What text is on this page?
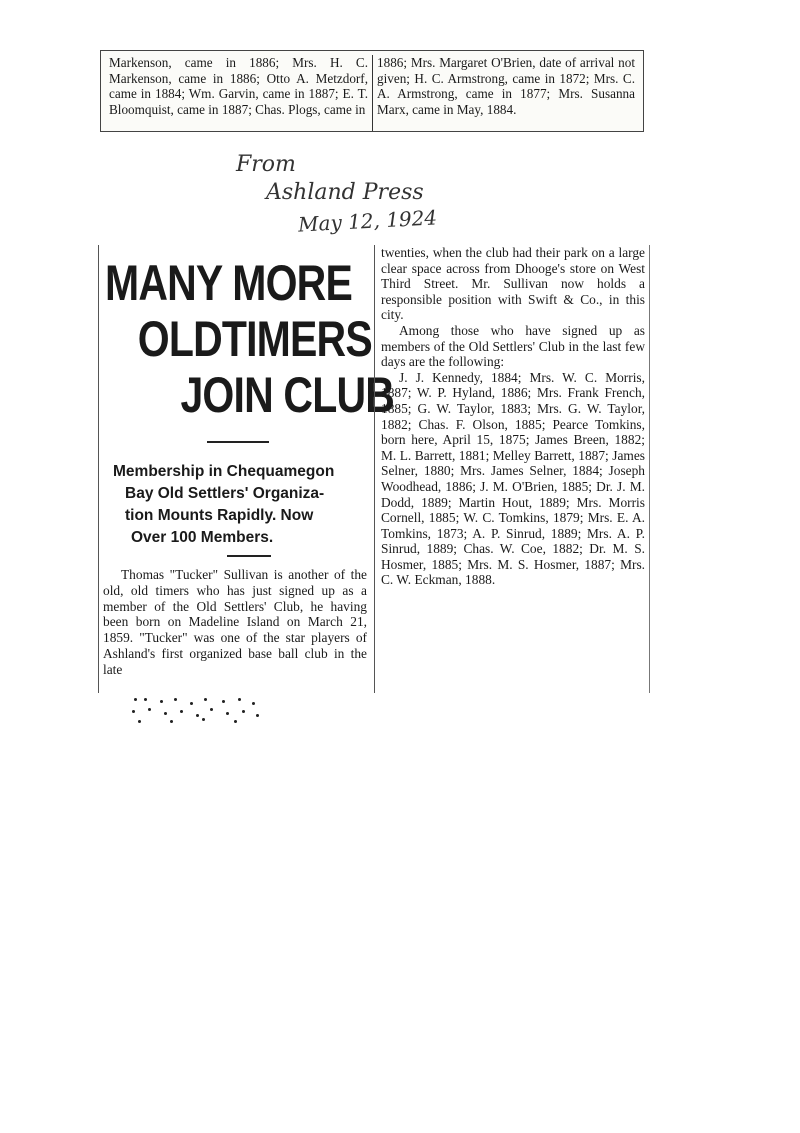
Markenson, came in 1886; Mrs. H. C. Markenson, came in 1886; Otto A. Metzdorf, came in 1884; Wm. Garvin, came in 1887; E. T. Bloomquist, came in 1887; Chas. Plogs, came in
1886; Mrs. Margaret O'Brien, date of arrival not given; H. C. Armstrong, came in 1872; Mrs. C. A. Armstrong, came in 1877; Mrs. Susanna Marx, came in May, 1884.
From
Ashland Press
May 12, 1924
MANY MORE
OLDTIMERS
JOIN CLUB
Membership in Chequamegon
Bay Old Settlers' Organiza-
tion Mounts Rapidly. Now
Over 100 Members.

Thomas "Tucker" Sullivan is another of the old, old timers who has just signed up as a member of the Old Settlers' Club, he having been born on Madeline Island on March 21, 1859. "Tucker" was one of the star players of Ashland's first organized base ball club in the late

twenties, when the club had their park on a large clear space across from Dhooge's store on West Third Street. Mr. Sullivan now holds a responsible position with Swift & Co., in this city.

Among those who have signed up as members of the Old Settlers' Club in the last few days are the following:

J. J. Kennedy, 1884; Mrs. W. C. Morris, 1887; W. P. Hyland, 1886; Mrs. Frank French, 1885; G. W. Taylor, 1883; Mrs. G. W. Taylor, 1882; Chas. F. Olson, 1885; Pearce Tomkins, born here, April 15, 1875; James Breen, 1882; M. L. Barrett, 1881; Melley Barrett, 1887; James Selner, 1880; Mrs. James Selner, 1884; Joseph Woodhead, 1886; J. M. O'Brien, 1885; Dr. J. M. Dodd, 1889; Martin Hout, 1889; Mrs. Morris Cornell, 1885; W. C. Tomkins, 1879; Mrs. E. A. Tomkins, 1873; A. P. Sinrud, 1889; Mrs. A. P. Sinrud, 1889; Chas. W. Coe, 1882; Dr. M. S. Hosmer, 1885; Mrs. M. S. Hosmer, 1887; Mrs. C. W. Eckman, 1888.
